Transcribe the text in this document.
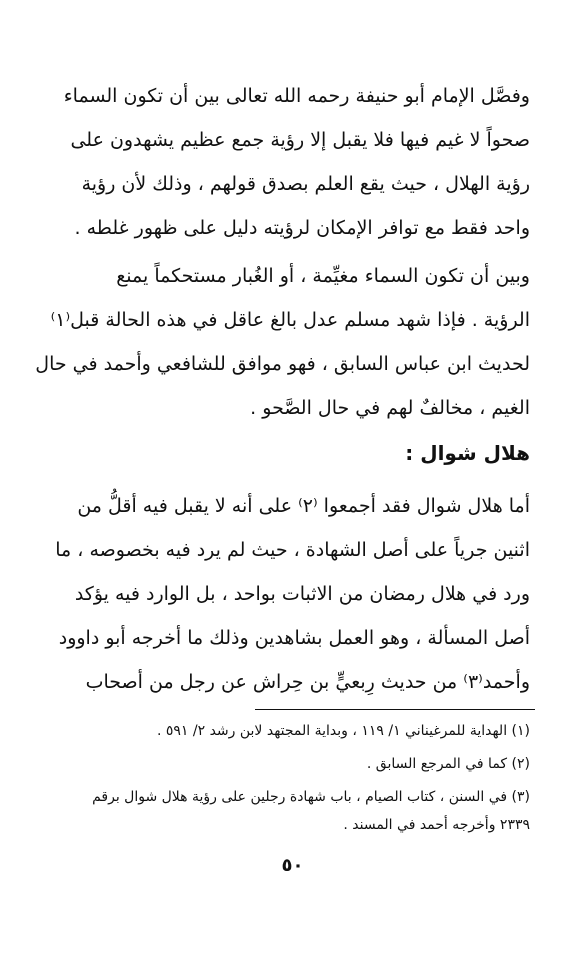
وفصَّل الإمام أبو حنيفة رحمه الله تعالى بين أن تكون السماء
صحواً لا غيم فيها فلا يقبل إلا رؤية جمع عظيم يشهدون على
رؤية الهلال ، حيث يقع العلم بصدق قولهم ، وذلك لأن رؤية
واحد فقط مع توافر الإمكان لرؤيته دليل على ظهور غلطه .
وبين أن تكون السماء مغيِّمة ، أو الغُبار مستحكماً يمنع
الرؤية . فإذا شهد مسلم عدل بالغ عاقل في هذه الحالة قبل⁽١⁾
لحديث ابن عباس السابق ، فهو موافق للشافعي وأحمد في حال
الغيم ، مخالفٌ لهم في حال الصَّحو .
هلال شوال :
أما هلال شوال فقد أجمعوا ⁽٢⁾ على أنه لا يقبل فيه أقلُّ من
اثنين جرياً على أصل الشهادة ، حيث لم يرد فيه بخصوصه ، ما
ورد في هلال رمضان من الاثبات بواحد ، بل الوارد فيه يؤكد
أصل المسألة ، وهو العمل بشاهدين وذلك ما أخرجه أبو داوود
وأحمد⁽٣⁾ من حديث رِبعيٍّ بن حِراش عن رجل من أصحاب
(١) الهداية للمرغيناني ١/ ١١٩ ، وبداية المجتهد لابن رشد ٢/ ٥٩١ .
(٢) كما في المرجع السابق .
(٣) في السنن ، كتاب الصيام ، باب شهادة رجلين على رؤية هلال شوال برقم
٢٣٣٩ وأخرجه أحمد في المسند .
٥٠
